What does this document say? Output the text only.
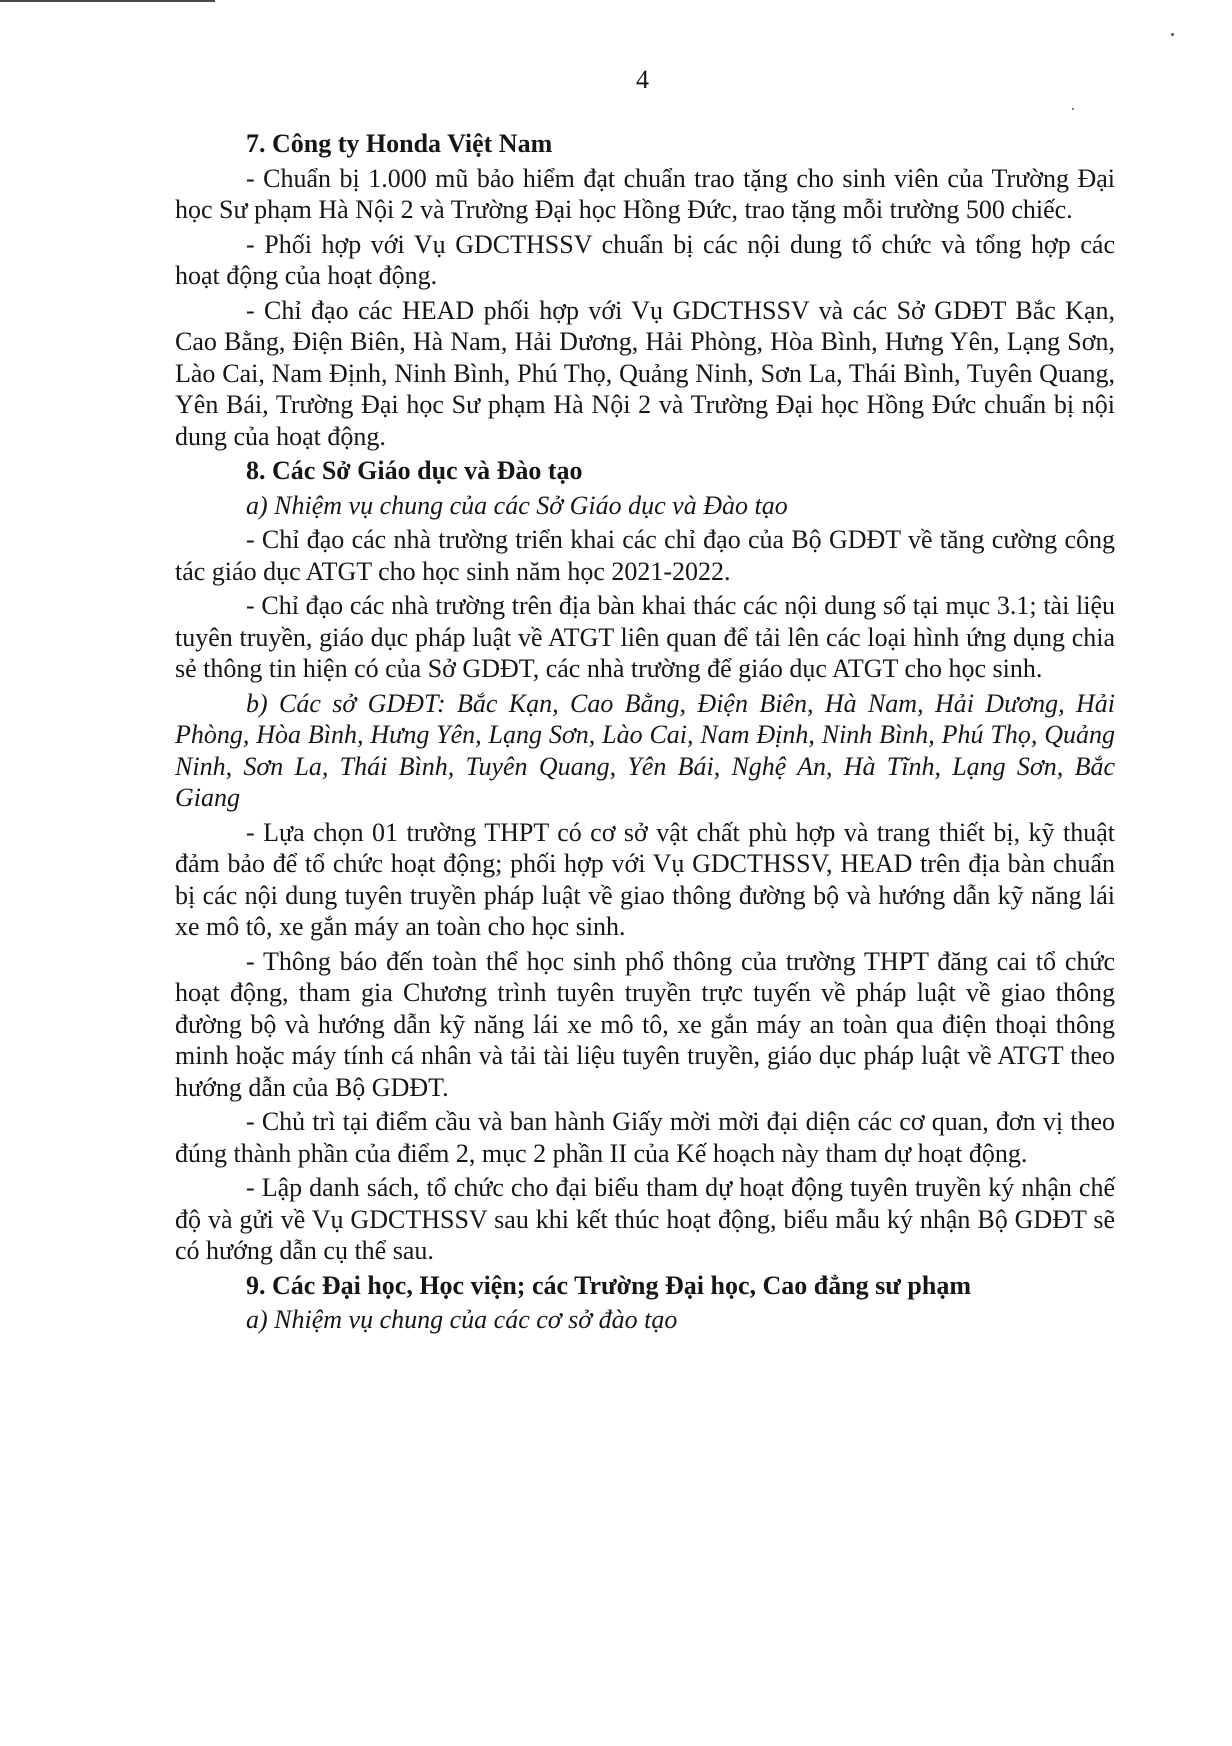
4

7. Công ty Honda Việt Nam

- Chuẩn bị 1.000 mũ bảo hiểm đạt chuẩn trao tặng cho sinh viên của Trường Đại học Sư phạm Hà Nội 2 và Trường Đại học Hồng Đức, trao tặng mỗi trường 500 chiếc.

- Phối hợp với Vụ GDCTHSSV chuẩn bị các nội dung tổ chức và tổng hợp các hoạt động của hoạt động.

- Chỉ đạo các HEAD phối hợp với Vụ GDCTHSSV và các Sở GDĐT Bắc Kạn, Cao Bằng, Điện Biên, Hà Nam, Hải Dương, Hải Phòng, Hòa Bình, Hưng Yên, Lạng Sơn, Lào Cai, Nam Định, Ninh Bình, Phú Thọ, Quảng Ninh, Sơn La, Thái Bình, Tuyên Quang, Yên Bái, Trường Đại học Sư phạm Hà Nội 2 và Trường Đại học Hồng Đức chuẩn bị nội dung của hoạt động.

8. Các Sở Giáo dục và Đào tạo

a) Nhiệm vụ chung của các Sở Giáo dục và Đào tạo

- Chỉ đạo các nhà trường triển khai các chỉ đạo của Bộ GDĐT về tăng cường công tác giáo dục ATGT cho học sinh năm học 2021-2022.

- Chỉ đạo các nhà trường trên địa bàn khai thác các nội dung số tại mục 3.1; tài liệu tuyên truyền, giáo dục pháp luật về ATGT liên quan để tải lên các loại hình ứng dụng chia sẻ thông tin hiện có của Sở GDĐT, các nhà trường để giáo dục ATGT cho học sinh.

b) Các sở GDĐT: Bắc Kạn, Cao Bằng, Điện Biên, Hà Nam, Hải Dương, Hải Phòng, Hòa Bình, Hưng Yên, Lạng Sơn, Lào Cai, Nam Định, Ninh Bình, Phú Thọ, Quảng Ninh, Sơn La, Thái Bình, Tuyên Quang, Yên Bái, Nghệ An, Hà Tĩnh, Lạng Sơn, Bắc Giang

- Lựa chọn 01 trường THPT có cơ sở vật chất phù hợp và trang thiết bị, kỹ thuật đảm bảo để tổ chức hoạt động; phối hợp với Vụ GDCTHSSV, HEAD trên địa bàn chuẩn bị các nội dung tuyên truyền pháp luật về giao thông đường bộ và hướng dẫn kỹ năng lái xe mô tô, xe gắn máy an toàn cho học sinh.

- Thông báo đến toàn thể học sinh phổ thông của trường THPT đăng cai tổ chức hoạt động, tham gia Chương trình tuyên truyền trực tuyến về pháp luật về giao thông đường bộ và hướng dẫn kỹ năng lái xe mô tô, xe gắn máy an toàn qua điện thoại thông minh hoặc máy tính cá nhân và tải tài liệu tuyên truyền, giáo dục pháp luật về ATGT theo hướng dẫn của Bộ GDĐT.

- Chủ trì tại điểm cầu và ban hành Giấy mời mời đại diện các cơ quan, đơn vị theo đúng thành phần của điểm 2, mục 2 phần II của Kế hoạch này tham dự hoạt động.

- Lập danh sách, tổ chức cho đại biểu tham dự hoạt động tuyên truyền ký nhận chế độ và gửi về Vụ GDCTHSSV sau khi kết thúc hoạt động, biểu mẫu ký nhận Bộ GDĐT sẽ có hướng dẫn cụ thể sau.

9. Các Đại học, Học viện; các Trường Đại học, Cao đẳng sư phạm

a) Nhiệm vụ chung của các cơ sở đào tạo
